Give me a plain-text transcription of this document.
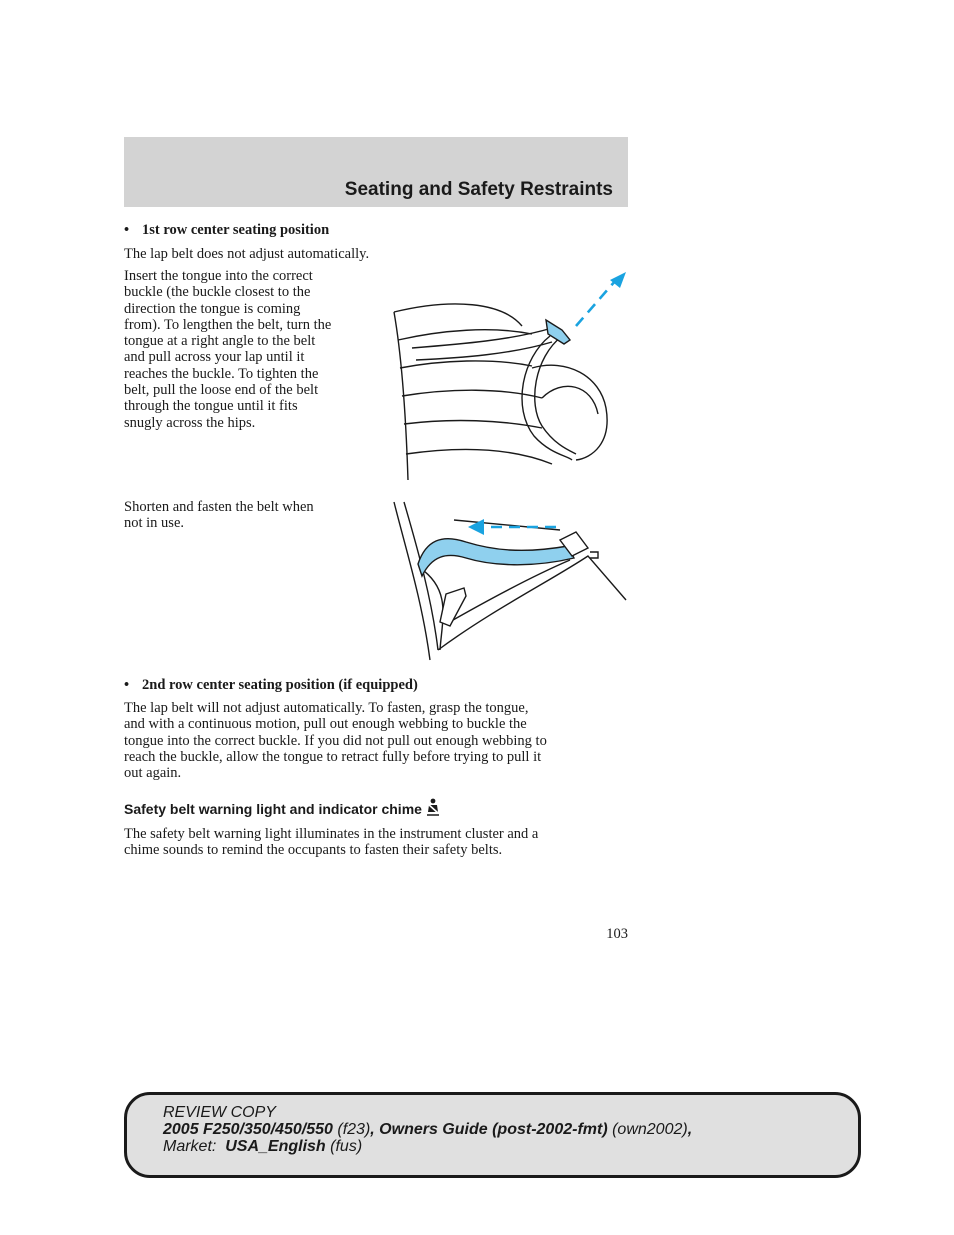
Seating and Safety Restraints

• 1st row center seating position

The lap belt does not adjust automatically.

Insert the tongue into the correct
buckle (the buckle closest to the
direction the tongue is coming
from). To lengthen the belt, turn the
tongue at a right angle to the belt
and pull across your lap until it
reaches the buckle. To tighten the
belt, pull the loose end of the belt
through the tongue until it fits
snugly across the hips.
Shorten and fasten the belt when
not in use.

• 2nd row center seating position (if equipped)

The lap belt will not adjust automatically. To fasten, grasp the tongue,
and with a continuous motion, pull out enough webbing to buckle the
tongue into the correct buckle. If you did not pull out enough webbing to
reach the buckle, allow the tongue to retract fully before trying to pull it
out again.
Safety belt warning light and indicator chime
The safety belt warning light illuminates in the instrument cluster and a
chime sounds to remind the occupants to fasten their safety belts.
103
REVIEW COPY
2005 F250/350/450/550 (f23), Owners Guide (post-2002-fmt) (own2002),
Market:  USA_English (fus)
